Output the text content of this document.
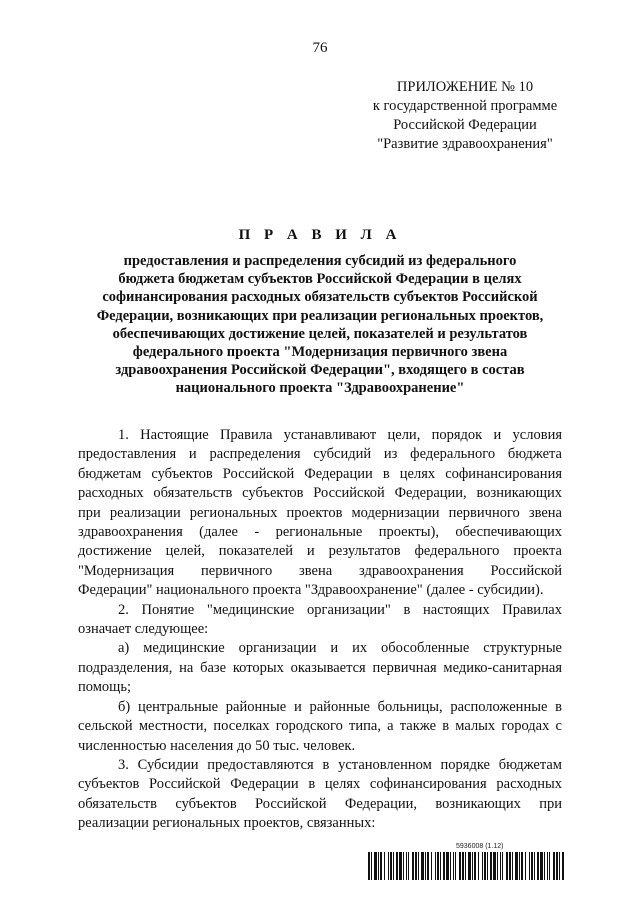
76
ПРИЛОЖЕНИЕ № 10
к государственной программе
Российской Федерации
"Развитие здравоохранения"
П Р А В И Л А
предоставления и распределения субсидий из федерального
бюджета бюджетам субъектов Российской Федерации в целях
софинансирования расходных обязательств субъектов Российской
Федерации, возникающих при реализации региональных проектов,
обеспечивающих достижение целей, показателей и результатов
федерального проекта "Модернизация первичного звена
здравоохранения Российской Федерации", входящего в состав
национального проекта "Здравоохранение"
1. Настоящие Правила устанавливают цели, порядок и условия
предоставления и распределения субсидий из федерального бюджета
бюджетам субъектов Российской Федерации в целях софинансирования
расходных обязательств субъектов Российской Федерации, возникающих
при реализации региональных проектов модернизации первичного звена
здравоохранения (далее - региональные проекты), обеспечивающих
достижение целей, показателей и результатов федерального проекта
"Модернизация первичного звена здравоохранения Российской
Федерации" национального проекта "Здравоохранение" (далее - субсидии).
2. Понятие "медицинские организации" в настоящих Правилах
означает следующее:
а) медицинские организации и их обособленные структурные
подразделения, на базе которых оказывается первичная медико-санитарная
помощь;
б) центральные районные и районные больницы, расположенные в
сельской местности, поселках городского типа, а также в малых городах с
численностью населения до 50 тыс. человек.
3. Субсидии предоставляются в установленном порядке бюджетам
субъектов Российской Федерации в целях софинансирования расходных
обязательств субъектов Российской Федерации, возникающих при
реализации региональных проектов, связанных:
5936008 (1.12)
